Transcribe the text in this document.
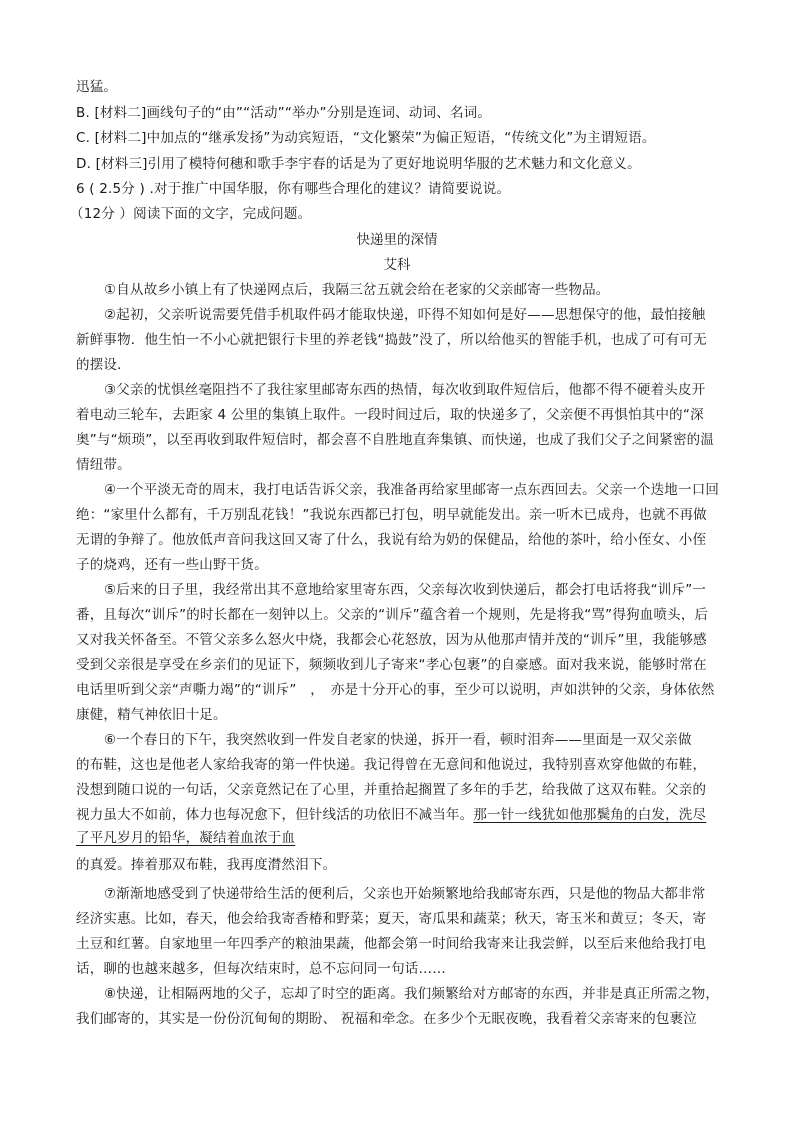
迅猛。
B. [材料二]画线句子的“由”“活动”“举办”分别是连词、动词、名词。
C. [材料二]中加点的“继承发扬”为动宾短语，“文化繁荣”为偏正短语，“传统文化”为主谓短语。
D. [材料三]引用了模特何穗和歌手李宇春的话是为了更好地说明华服的艺术魅力和文化意义。
6 ( 2.5分 ) .对于推广中国华服，你有哪些合理化的建议？请简要说说。
（12分 ）阅读下面的文字，完成问题。
快递里的深情
艾科
①自从故乡小镇上有了快递网点后，我隔三岔五就会给在老家的父亲邮寄一些物品。
②起初，父亲听说需要凭借手机取件码才能取快递，吓得不知如何是好——思想保守的他，最怕接触
新鲜事物．他生怕一不小心就把银行卡里的养老钱“捣鼓”没了，所以给他买的智能手机，也成了可有可无
的摆设．
③父亲的忧惧丝毫阻挡不了我往家里邮寄东西的热情，每次收到取件短信后，他都不得不硬着头皮开
着电动三轮车，去距家 4 公里的集镇上取件。一段时间过后，取的快递多了，父亲便不再惧怕其中的“深
奥”与“烦琐”，以至再收到取件短信时，都会喜不自胜地直奔集镇、而快递，也成了我们父子之间紧密的温
情纽带。
④一个平淡无奇的周末，我打电话告诉父亲，我准备再给家里邮寄一点东西回去。父亲一个迭地一口回
绝：“家里什么都有，千万别乱花钱！”我说东西都已打包，明早就能发出。亲一听木已成舟，也就不再做
无谓的争辩了。他放低声音问我这回又寄了什么，我说有给为奶的保健品，给他的茶叶，给小侄女、小侄
子的烧鸡，还有一些山野干货。
⑤后来的日子里，我经常出其不意地给家里寄东西，父亲每次收到快递后，都会打电话将我“训斥”一
番，且每次“训斥”的时长都在一刻钟以上。父亲的“训斥”蕴含着一个规则，先是将我“骂”得狗血喷头，后
又对我关怀备至。不管父亲多么怒火中烧，我都会心花怒放，因为从他那声情并茂的“训斥”里，我能够感
受到父亲很是享受在乡亲们的见证下，频频收到儿子寄来“孝心包裹”的自豪感。面对我来说，能够时常在
电话里听到父亲“声嘶力竭”的“训斥”　，　亦是十分开心的事，至少可以说明，声如洪钟的父亲，身体依然
康健，精气神依旧十足。
⑥一个春日的下午，我突然收到一件发自老家的快递，拆开一看，顿时泪奔——里面是一双父亲做
的布鞋，这也是他老人家给我寄的第一件快递。我记得曾在无意间和他说过，我特别喜欢穿他做的布鞋，
没想到随口说的一句话，父亲竟然记在了心里，并重拾起搁置了多年的手艺，给我做了这双布鞋。父亲的
视力虽大不如前，体力也每况愈下，但针线活的功依旧不减当年。那一针一线犹如他那鬓角的白发，洗尽
了平凡岁月的铅华，凝结着血浓于血
的真爱。捧着那双布鞋，我再度潸然泪下。
⑦渐渐地感受到了快递带给生活的便利后，父亲也开始频繁地给我邮寄东西，只是他的物品大都非常
经济实惠。比如，春天，他会给我寄香椿和野菜；夏天，寄瓜果和蔬菜；秋天，寄玉米和黄豆；冬天，寄
土豆和红薯。自家地里一年四季产的粮油果蔬，他都会第一时间给我寄来让我尝鲜，以至后来他给我打电
话，聊的也越来越多，但每次结束时，总不忘问同一句话……
⑧快递，让相隔两地的父子，忘却了时空的距离。我们频繁给对方邮寄的东西，并非是真正所需之物，
我们邮寄的，其实是一份份沉甸甸的期盼、 祝福和牵念。在多少个无眠夜晚，我看着父亲寄来的包裹泣
